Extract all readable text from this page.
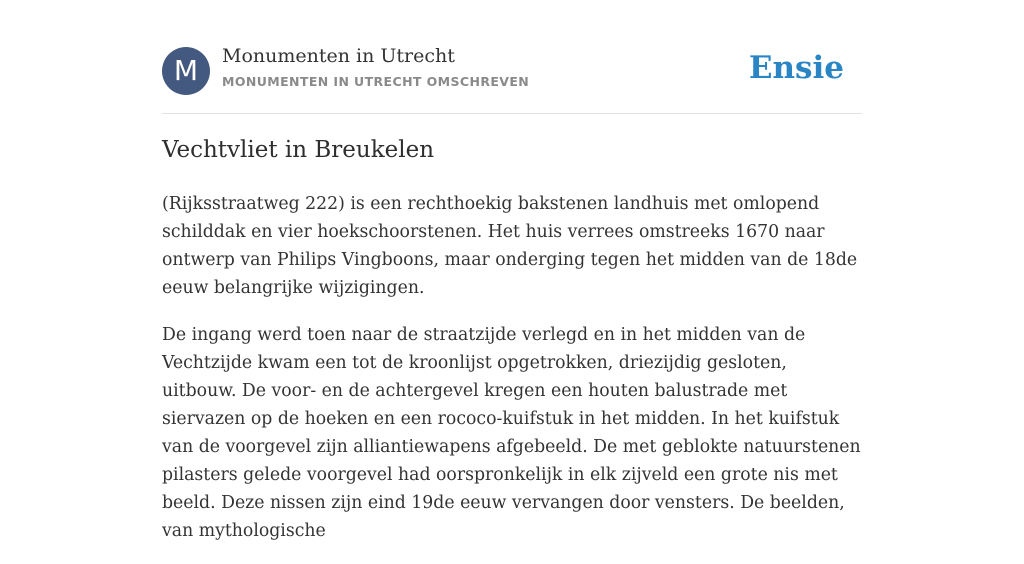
M	Monumenten in Utrecht
MONUMENTEN IN UTRECHT OMSCHREVEN	Ensie
Vechtvliet in Breukelen

(Rijksstraatweg 222) is een rechthoekig bakstenen landhuis met omlopend schilddak en vier hoekschoorstenen. Het huis verrees omstreeks 1670 naar ontwerp van Philips Vingboons, maar onderging tegen het midden van de 18de eeuw belangrijke wijzigingen.

De ingang werd toen naar de straatzijde verlegd en in het midden van de Vechtzijde kwam een tot de kroonlijst opgetrokken, driezijdig gesloten, uitbouw. De voor- en de achtergevel kregen een houten balustrade met siervazen op de hoeken en een rococo-kuifstuk in het midden. In het kuifstuk van de voorgevel zijn alliantiewapens afgebeeld. De met geblokte natuurstenen pilasters gelede voorgevel had oorspronkelijk in elk zijveld een grote nis met beeld. Deze nissen zijn eind 19de eeuw vervangen door vensters. De beelden, van mythologische
